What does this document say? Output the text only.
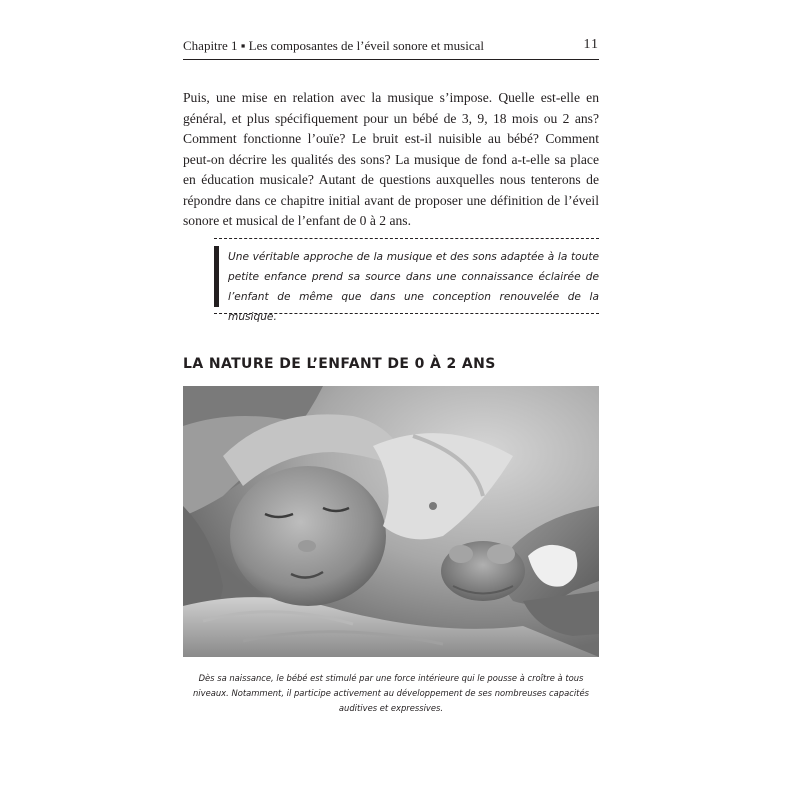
Chapitre 1 ▪ Les composantes de l’éveil sonore et musical	11

Puis, une mise en relation avec la musique s’impose. Quelle est-elle en général, et plus spécifiquement pour un bébé de 3, 9, 18 mois ou 2 ans? Comment fonctionne l’ouïe? Le bruit est-il nuisible au bébé? Comment peut-on décrire les qualités des sons? La musique de fond a-t-elle sa place en éducation musicale? Autant de questions auxquelles nous tenterons de répondre dans ce chapitre initial avant de proposer une définition de l’éveil sonore et musical de l’enfant de 0 à 2 ans.

Une véritable approche de la musique et des sons adaptée à la toute petite enfance prend sa source dans une connaissance éclairée de l’enfant de même que dans une conception renouvelée de la musique.

LA NATURE DE L’ENFANT DE 0 À 2 ANS

Dès sa naissance, le bébé est stimulé par une force intérieure qui le pousse à croître à tous niveaux. Notamment, il participe activement au développement de ses nombreuses capacités auditives et expressives.
